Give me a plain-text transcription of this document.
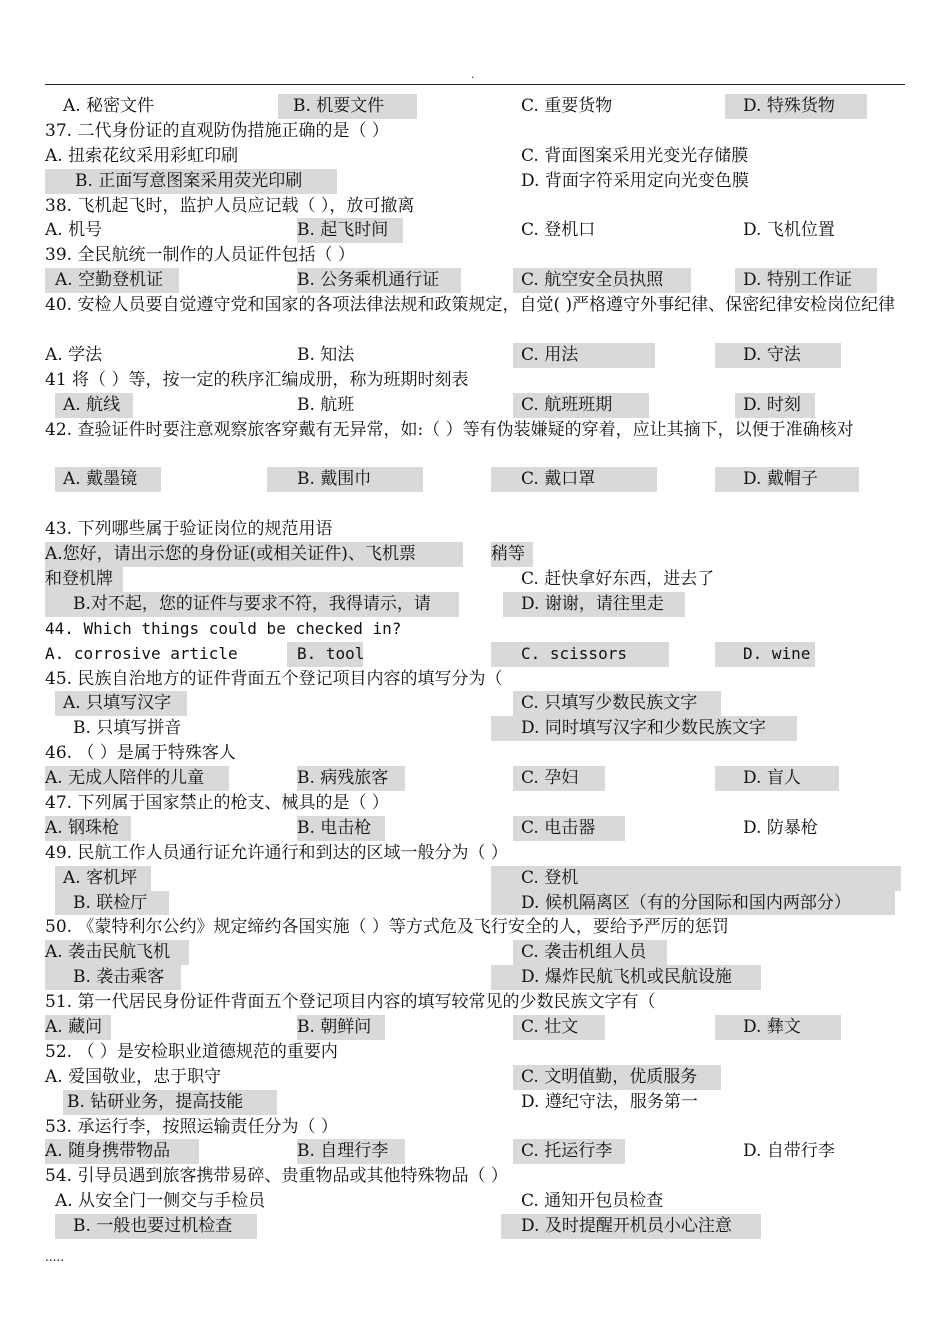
.
A. 秘密文件	B. 机要文件	C. 重要货物	D. 特殊货物
37. 二代身份证的直观防伪措施正确的是（ ）
A. 扭索花纹采用彩虹印刷	C. 背面图案采用光变光存储膜
B. 正面写意图案采用荧光印刷	D. 背面字符采用定向光变色膜
38. 飞机起飞时，监护人员应记载（ ），放可撤离
A. 机号	B. 起飞时间	C. 登机口	D. 飞机位置
39. 全民航统一制作的人员证件包括（ ）
A. 空勤登机证	B. 公务乘机通行证	C. 航空安全员执照	D. 特别工作证
40. 安检人员要自觉遵守党和国家的各项法律法规和政策规定，自觉( )严格遵守外事纪律、保密纪律安检岗位纪律
A. 学法	B. 知法	C. 用法	D. 守法
41 将（ ）等，按一定的秩序汇编成册，称为班期时刻表
A. 航线	B. 航班	C. 航班班期	D. 时刻
42. 查验证件时要注意观察旅客穿戴有无异常，如:（ ）等有伪装嫌疑的穿着，应让其摘下，以便于准确核对
A. 戴墨镜	B. 戴围巾	C. 戴口罩	D. 戴帽子
43. 下列哪些属于验证岗位的规范用语
A.您好，请出示您的身份证(或相关证件)、飞机票	稍等
和登机牌	C. 赶快拿好东西，进去了
B.对不起，您的证件与要求不符，我得请示，请	D. 谢谢，请往里走
44. Which things could be checked in?
A. corrosive article	B. tool	C. scissors	D. wine
45. 民族自治地方的证件背面五个登记项目内容的填写分为（
A. 只填写汉字	C. 只填写少数民族文字
B. 只填写拼音	D. 同时填写汉字和少数民族文字
46. （ ）是属于特殊客人
A. 无成人陪伴的儿童	B. 病残旅客	C. 孕妇	D. 盲人
47. 下列属于国家禁止的枪支、械具的是（ ）
A. 钢珠枪	B. 电击枪	C. 电击器	D. 防暴枪
49. 民航工作人员通行证允许通行和到达的区域一般分为（ ）
A. 客机坪	C. 登机
B. 联检厅	D. 候机隔离区（有的分国际和国内两部分）
50. 《蒙特利尔公约》规定缔约各国实施（ ）等方式危及飞行安全的人，要给予严厉的惩罚
A. 袭击民航飞机	C. 袭击机组人员
B. 袭击乘客	D. 爆炸民航飞机或民航设施
51. 第一代居民身份证件背面五个登记项目内容的填写较常见的少数民族文字有（
A. 藏问	B. 朝鲜问	C. 壮文	D. 彝文
52. （ ）是安检职业道德规范的重要内
A. 爱国敬业，忠于职守	C. 文明值勤，优质服务
B. 钻研业务，提高技能	D. 遵纪守法，服务第一
53. 承运行李，按照运输责任分为（ ）
A. 随身携带物品	B. 自理行李	C. 托运行李	D. 自带行李
54. 引导员遇到旅客携带易碎、贵重物品或其他特殊物品（ ）
A. 从安全门一侧交与手检员	C. 通知开包员检查
B. 一般也要过机检查	D. 及时提醒开机员小心注意
.....
